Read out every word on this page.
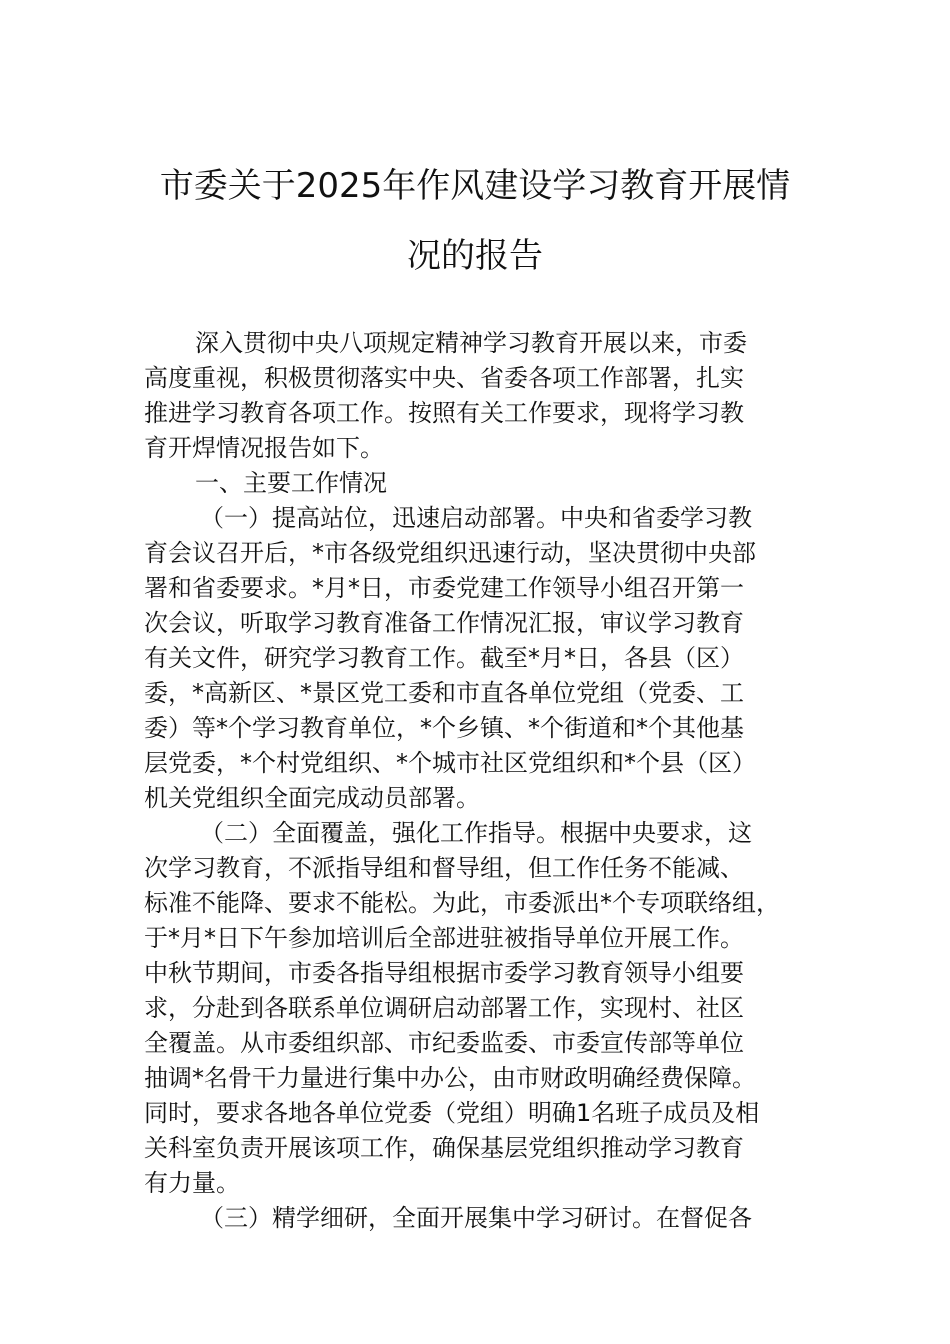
市委关于2025年作风建设学习教育开展情
况的报告
深入贯彻中央八项规定精神学习教育开展以来，市委
高度重视，积极贯彻落实中央、省委各项工作部署，扎实
推进学习教育各项工作。按照有关工作要求，现将学习教
育开焊情况报告如下。
一、主要工作情况
（一）提高站位，迅速启动部署。中央和省委学习教
育会议召开后，*市各级党组织迅速行动，坚决贯彻中央部
署和省委要求。*月*日，市委党建工作领导小组召开第一
次会议，听取学习教育准备工作情况汇报，审议学习教育
有关文件，研究学习教育工作。截至*月*日，各县（区）
委，*高新区、*景区党工委和市直各单位党组（党委、工
委）等*个学习教育单位，*个乡镇、*个街道和*个其他基
层党委，*个村党组织、*个城市社区党组织和*个县（区）
机关党组织全面完成动员部署。
（二）全面覆盖，强化工作指导。根据中央要求，这
次学习教育，不派指导组和督导组，但工作任务不能减、
标准不能降、要求不能松。为此，市委派出*个专项联络组，
于*月*日下午参加培训后全部进驻被指导单位开展工作。
中秋节期间，市委各指导组根据市委学习教育领导小组要
求，分赴到各联系单位调研启动部署工作，实现村、社区
全覆盖。从市委组织部、市纪委监委、市委宣传部等单位
抽调*名骨干力量进行集中办公，由市财政明确经费保障。
同时，要求各地各单位党委（党组）明确1名班子成员及相
关科室负责开展该项工作，确保基层党组织推动学习教育
有力量。
（三）精学细研，全面开展集中学习研讨。在督促各
